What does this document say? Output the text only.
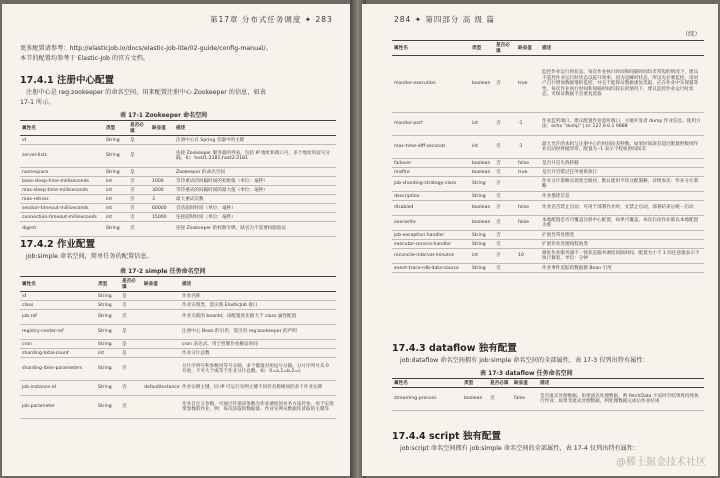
第17章 分布式任务调度 ✦ 283
更多配置请参考：http://elasticjob.io/docs/elastic-job-lite/02-guide/config-manual/。
本节的配置均参考于 Elastic-Job 的官方文档。
17.4.1 注册中心配置
注册中心是 reg:zookeeper 的命名空间，用来配置注册中心 Zookeeper 的信息，如表
17-1 所示。
表 17-1 Zookeeper 命名空间
属性名	类型	是否必填	缺省值	描述
id	String	是		注册中心在 Spring 容器中的主键
server-lists	String	是		连接 Zookeeper 服务器的列表。包括 IP 地址和端口号，多个地址用逗号分隔。如：host1:2181,host2:2181
namespace	String	是		Zookeeper 的命名空间
base-sleep-time-milliseconds	int	否	1000	等待重试的间隔时间的初始值（单位：毫秒）
max-sleep-time-milliseconds	int	否	3000	等待重试的间隔时间的最大值（单位：毫秒）
max-retries	int	否	3	最大重试次数
session-timeout-milliseconds	int	否	60000	会话超时时间（单位：毫秒）
connection-timeout-milliseconds	int	否	15000	连接超时时间（单位：毫秒）
digest	String	否		连接 Zookeeper 的权限令牌，缺省为不需要权限验证
17.4.2 作业配置
job:simple 命名空间，简单任务的配置信息。
表 17-2 simple 任务命名空间
属性名	类型	是否必填	缺省值	描述
id	String	是		作业名称
class	String	否		作业实现类，需实现 ElasticJob 接口
job-ref	String	否		作业关联的 beanId，该配置优先级大于 class 属性配置
registry-center-ref	String	是		注册中心 Bean 的引用，需引用 reg:zookeeper 的声明
cron	String	是		cron 表达式，用于控制作业触发时间
sharding-total-count	int	是		作业分片总数
sharding-item-parameters	String	否		分片序列号和参数用等号分隔，多个键值对用逗号分隔。分片序列号从 0 开始，不可大于或等于作业分片总数。如：0=a,1=b,2=c
job-instance-id	String	否	defaultInstance	作业实例主键，同 IP 可运行实例主键不同但名称相同的多个作业实例
job-parameter	String	否		作业自定义参数，可通过传递该参数为作业调度的业务方法传参，用于实现带参数的作业，例：每次获取的数据量、作业实例从数据库读取的主键等
284 ✦ 第四部分 高 级 篇
（续）
属性名	类型	是否必填	缺省值	描述
monitor-execution	boolean	否	true	监控作业运行时状态。每次作业执行时间和间隔时间均非常短的情况下，建议不监控作业运行时状态以提升效率。因为是瞬时状态，所以无必要监控。请用户自行增加数据堆积监控，并且不能保证数据重复选取，应在作业中实现幂等性。每次作业执行时间和间隔时间均较长的情况下，建议监控作业运行时状态，可保证数据不会重复选取
monitor-port	int	否	-1	作业监听端口。建议配置作业监听端口，方便开发者 dump 作业信息。使用方法：echo "dump" | nc 127.0.0.1 9888
max-time-diff-seconds	int	否	-1	最大允许的本机与注册中心的时间误差秒数。如果时间误差超过配置秒数则作业启动时将抛异常。配置为 -1 表示不校验时间误差
failover	boolean	否	false	是否开启失效转移
misfire	boolean	否	true	是否开启错过任务重新执行
job-sharding-strategy-class	String	否		作业分片策略实现类全路径，默认使用平均分配策略，详情参见：作业分片策略
description	String	否		作业描述信息
disabled	boolean	否	false	作业是否禁止启动，可用于部署作业时，先禁止启动，部署结束后统一启动
overwrite	boolean	否	false	本地配置是否可覆盖注册中心配置，如果可覆盖，每次启动作业都以本地配置为准
job-exception-handler	String	否		扩展异常处理类
executor-service-handler	String	否		扩展作业处理线程池类
reconcile-interval-minutes	int	否	10	修复作业服务器不一致状态服务调度间隔时间，配置为小于 1 的任意值表示不执行修复，单位：分钟
event-trace-rdb-data-source	String	否		作业事件追踪的数据源 Bean 引用
17.4.3 dataflow 独有配置
job:dataflow 命名空间拥有 job:simple 命名空间的全部属性，表 17-3 仅列出特有属性：
表 17-3 dataflow 任务命名空间
属性名	类型	是否必填	缺省值	描述
streaming-process	boolean	否	false	是否流式处理数据。如果流式处理数据，则 fetchData 不返回空结果将持续执行作业；如果非流式处理数据，则处理数据完成后作业结束
17.4.4 script 独有配置
job:script 命名空间拥有 job:simple 命名空间的全部属性，表 17-4 仅列出特有属性：
@稀土掘金技术社区
